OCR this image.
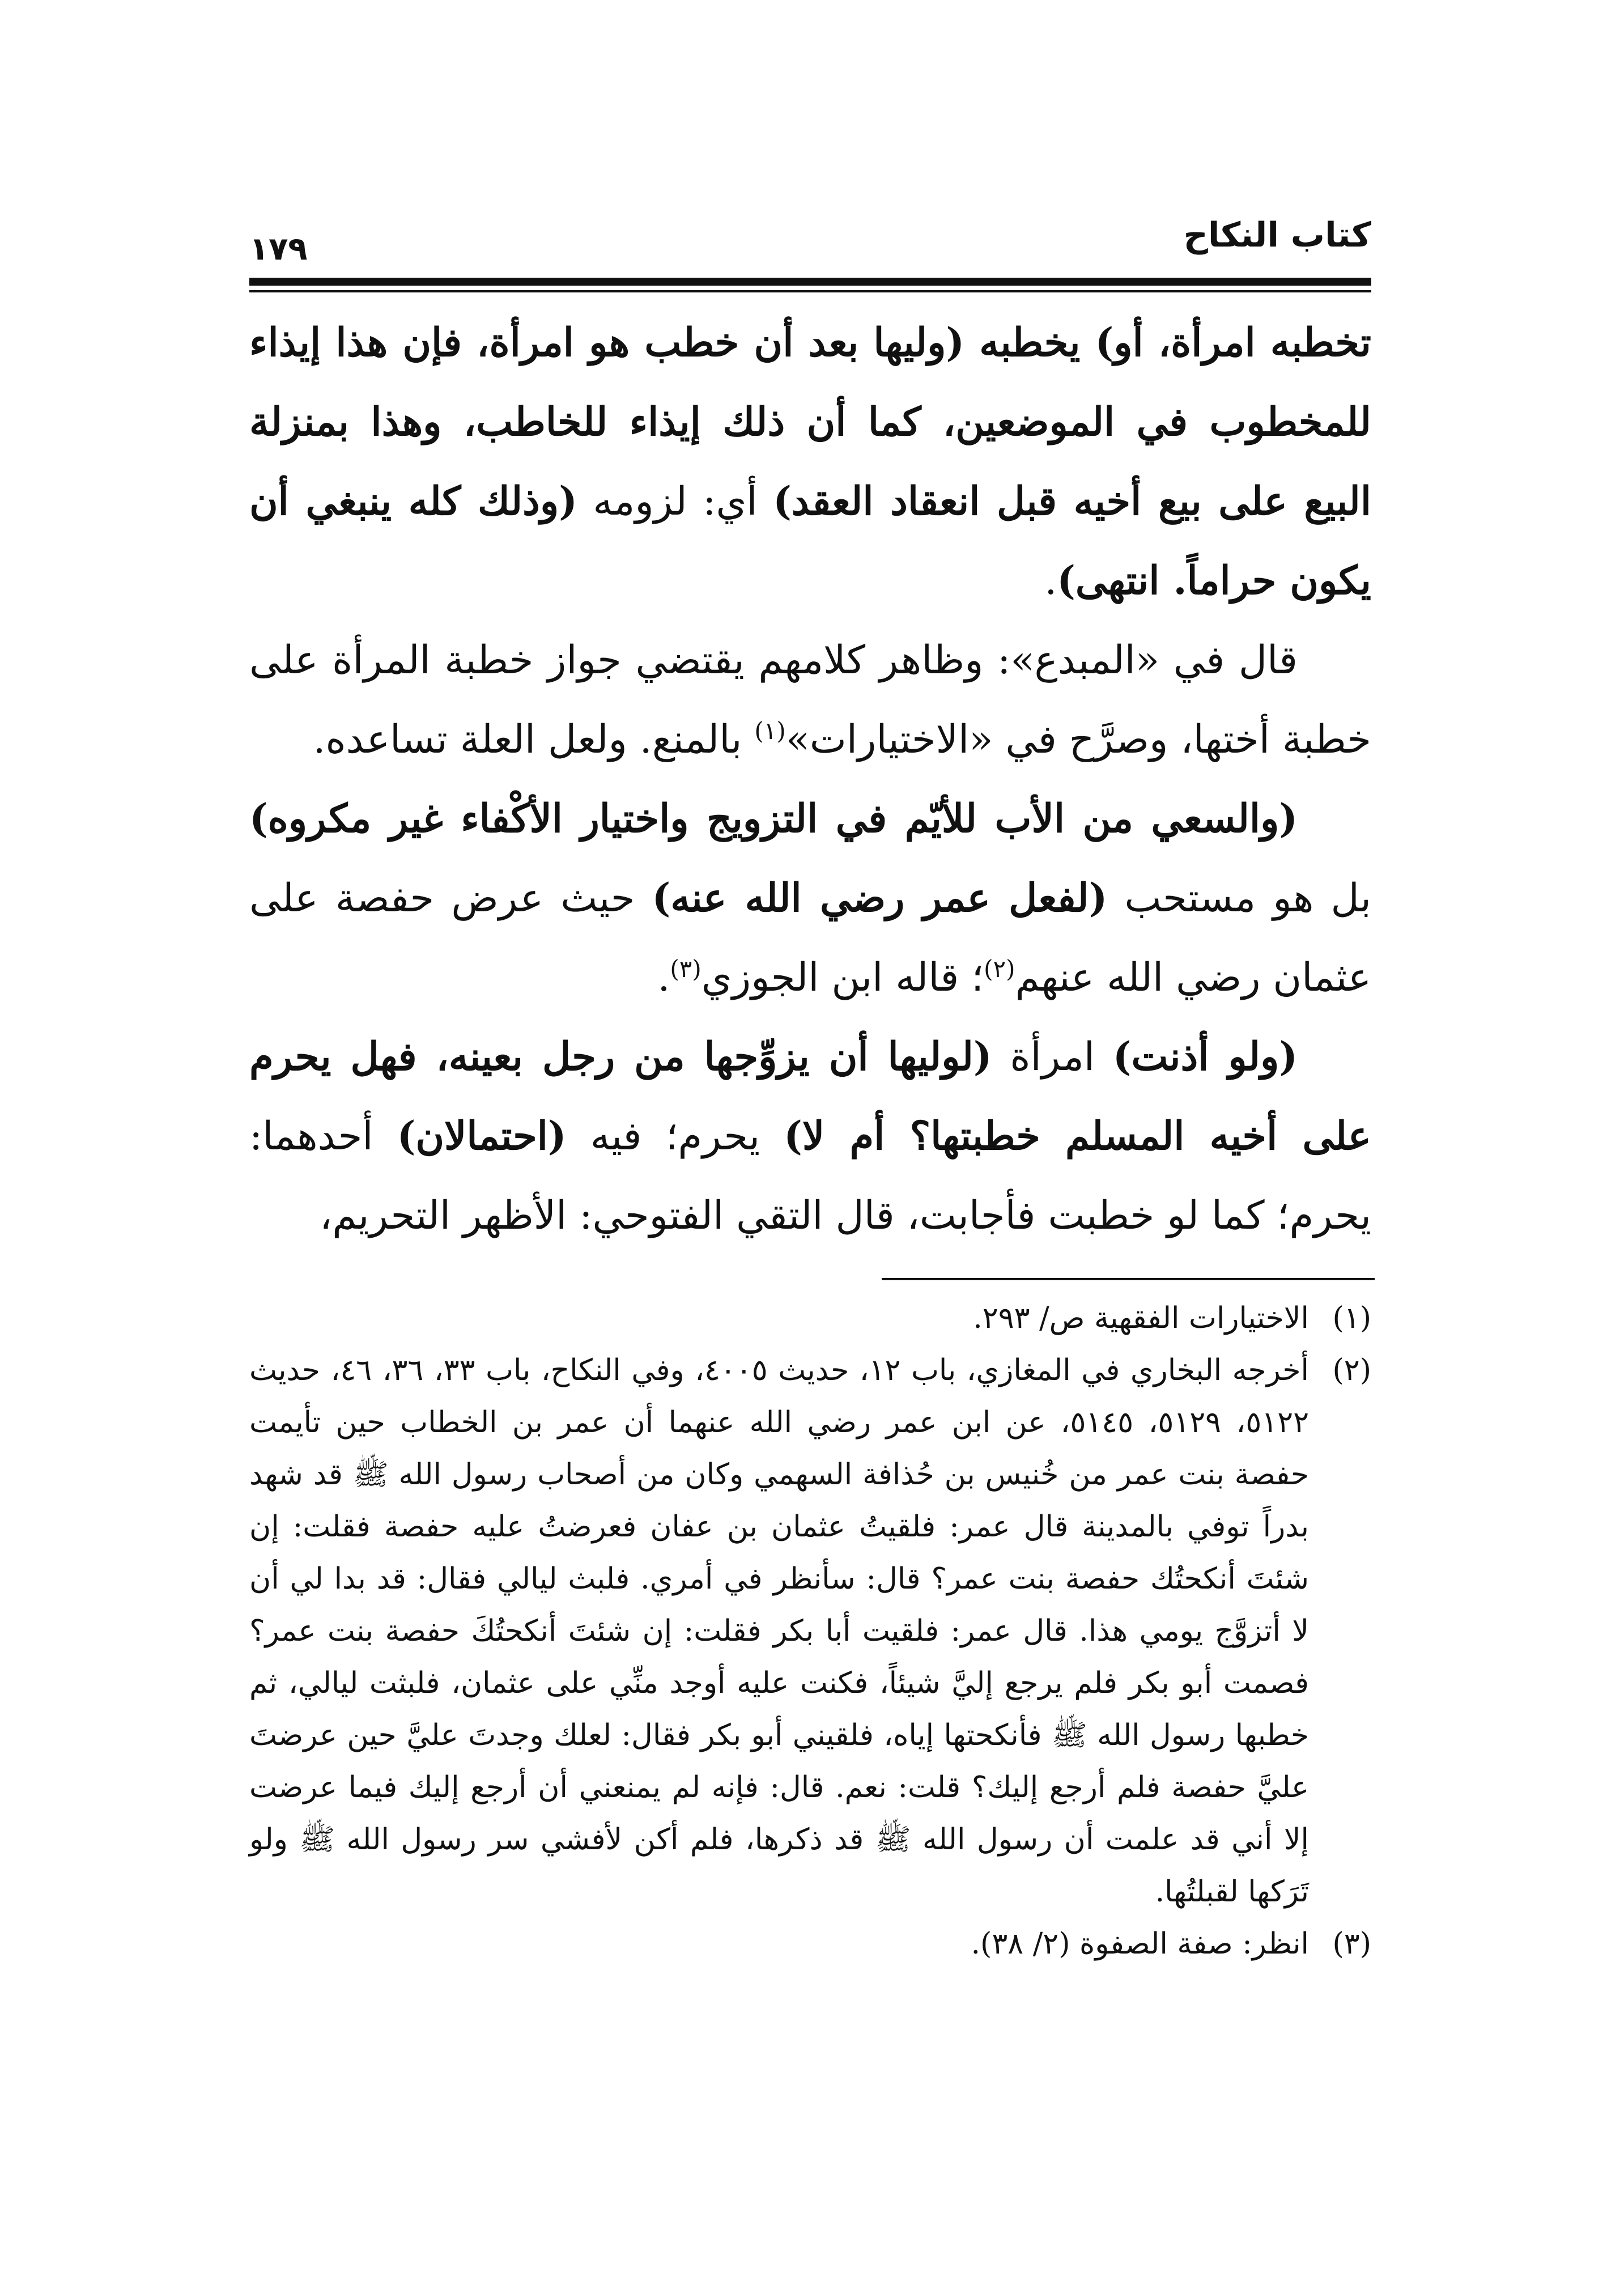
كتاب النكاح
١٧٩

تخطبه امرأة، أو) يخطبه (وليها بعد أن خطب هو امرأة، فإن هذا إيذاء للمخطوب في الموضعين، كما أن ذلك إيذاء للخاطب، وهذا بمنزلة البيع على بيع أخيه قبل انعقاد العقد) أي: لزومه (وذلك كله ينبغي أن يكون حراماً. انتهى).

قال في «المبدع»: وظاهر كلامهم يقتضي جواز خطبة المرأة على خطبة أختها، وصرَّح في «الاختيارات»$^{(١)}$ بالمنع. ولعل العلة تساعده.

(والسعي من الأب للأيّم في التزويج واختيار الأكْفاء غير مكروه) بل هو مستحب (لفعل عمر رضي الله عنه) حيث عرض حفصة على عثمان رضي الله عنهم$^{(٢)}$؛ قاله ابن الجوزي$^{(٣)}$.

(ولو أذنت) امرأة (لوليها أن يزوِّجها من رجل بعينه، فهل يحرم على أخيه المسلم خطبتها؟ أم لا) يحرم؛ فيه (احتمالان) أحدهما: يحرم؛ كما لو خطبت فأجابت، قال التقي الفتوحي: الأظهر التحريم،

(١)
الاختيارات الفقهية ص/ ٢٩٣.
(٢)
أخرجه البخاري في المغازي، باب ١٢، حديث ٤٠٠٥، وفي النكاح، باب ٣٣، ٣٦، ٤٦، حديث ٥١٢٢، ٥١٢٩، ٥١٤٥، عن ابن عمر رضي الله عنهما أن عمر بن الخطاب حين تأيمت حفصة بنت عمر من خُنيس بن حُذافة السهمي وكان من أصحاب رسول الله ﷺ قد شهد بدراً توفي بالمدينة قال عمر: فلقيتُ عثمان بن عفان فعرضتُ عليه حفصة فقلت: إن شئتَ أنكحتُك حفصة بنت عمر؟ قال: سأنظر في أمري. فلبث ليالي فقال: قد بدا لي أن لا أتزوَّج يومي هذا. قال عمر: فلقيت أبا بكر فقلت: إن شئتَ أنكحتُكَ حفصة بنت عمر؟ فصمت أبو بكر فلم يرجع إليَّ شيئاً، فكنت عليه أوجد منِّي على عثمان، فلبثت ليالي، ثم خطبها رسول الله ﷺ فأنكحتها إياه، فلقيني أبو بكر فقال: لعلك وجدتَ عليَّ حين عرضتَ عليَّ حفصة فلم أرجع إليك؟ قلت: نعم. قال: فإنه لم يمنعني أن أرجع إليك فيما عرضت إلا أني قد علمت أن رسول الله ﷺ قد ذكرها، فلم أكن لأفشي سر رسول الله ﷺ ولو تَرَكها لقبلتُها.
(٣)
انظر: صفة الصفوة (٢/ ٣٨).
